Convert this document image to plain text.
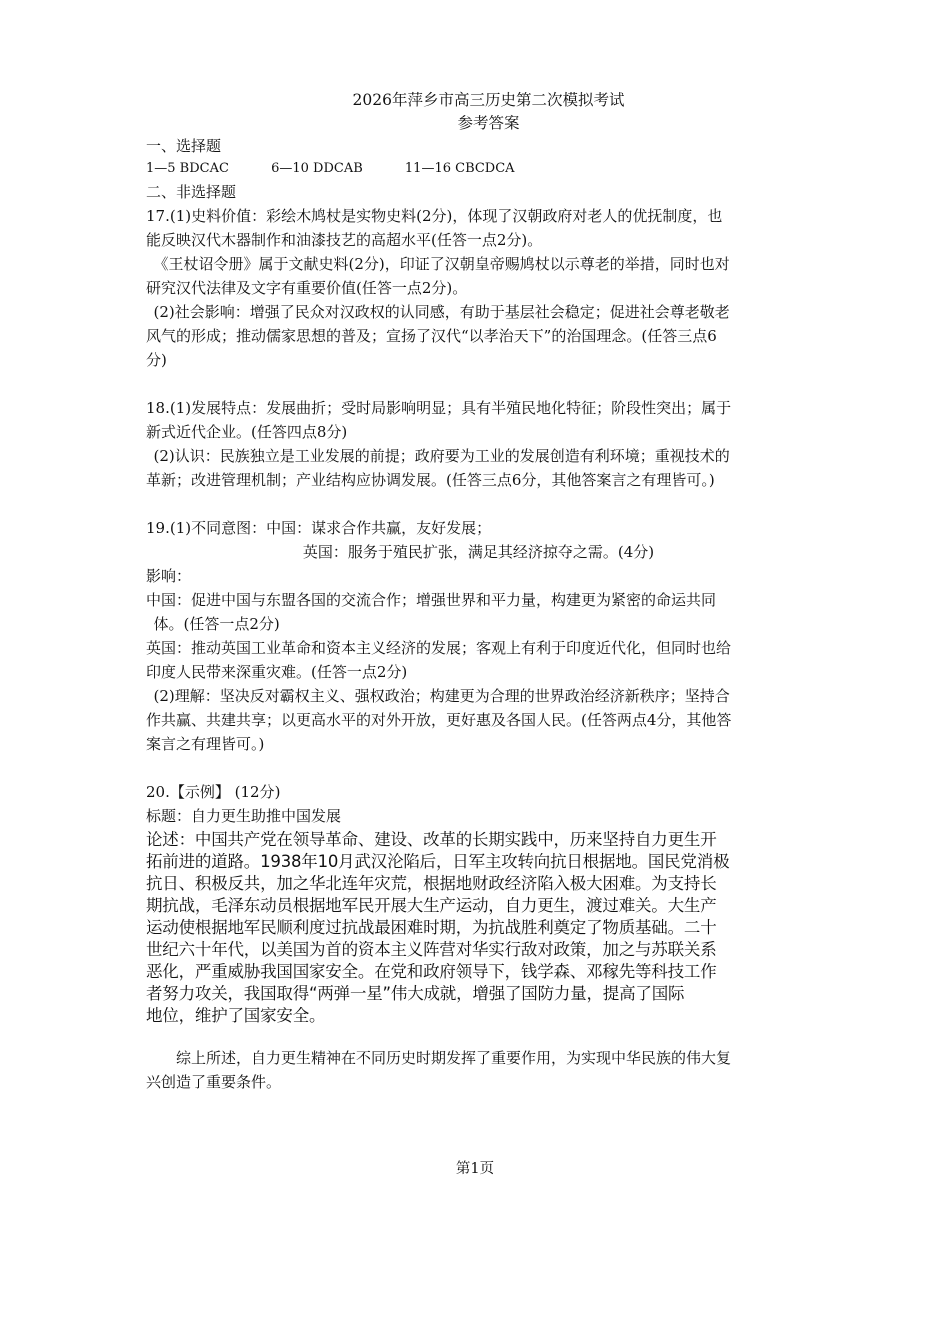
2026年萍乡市高三历史第二次模拟考试
参考答案

一、选择题

1—5 BDCAC	6—10 DDCAB	11—16 CBCDCA

二、非选择题

17.(1)史料价值：彩绘木鸠杖是实物史料(2分)，体现了汉朝政府对老人的优抚制度，也

能反映汉代木器制作和油漆技艺的高超水平(任答一点2分)。

《王杖诏令册》属于文献史料(2分)，印证了汉朝皇帝赐鸠杖以示尊老的举措，同时也对

研究汉代法律及文字有重要价值(任答一点2分)。

(2)社会影响：增强了民众对汉政权的认同感，有助于基层社会稳定；促进社会尊老敬老

风气的形成；推动儒家思想的普及；宣扬了汉代“以孝治天下”的治国理念。(任答三点6

分)

18.(1)发展特点：发展曲折；受时局影响明显；具有半殖民地化特征；阶段性突出；属于

新式近代企业。(任答四点8分)

(2)认识：民族独立是工业发展的前提；政府要为工业的发展创造有利环境；重视技术的

革新；改进管理机制；产业结构应协调发展。(任答三点6分，其他答案言之有理皆可。)

19.(1)不同意图：中国：谋求合作共赢，友好发展；

英国：服务于殖民扩张，满足其经济掠夺之需。(4分)

影响：

中国：促进中国与东盟各国的交流合作；增强世界和平力量，构建更为紧密的命运共同

体。(任答一点2分)

英国：推动英国工业革命和资本主义经济的发展；客观上有利于印度近代化，但同时也给

印度人民带来深重灾难。(任答一点2分)

(2)理解：坚决反对霸权主义、强权政治；构建更为合理的世界政治经济新秩序；坚持合

作共赢、共建共享；以更高水平的对外开放，更好惠及各国人民。(任答两点4分，其他答

案言之有理皆可。)

20.【示例】 (12分)

标题：自力更生助推中国发展

论述：中国共产党在领导革命、建设、改革的长期实践中，历来坚持自力更生开

拓前进的道路。1938年10月武汉沦陷后，日军主攻转向抗日根据地。国民党消极

抗日、积极反共，加之华北连年灾荒，根据地财政经济陷入极大困难。为支持长

期抗战，毛泽东动员根据地军民开展大生产运动，自力更生，渡过难关。大生产

运动使根据地军民顺利度过抗战最困难时期，为抗战胜利奠定了物质基础。二十

世纪六十年代，以美国为首的资本主义阵营对华实行敌对政策，加之与苏联关系

恶化，严重威胁我国国家安全。在党和政府领导下，钱学森、邓稼先等科技工作

者努力攻关，我国取得“两弹一星”伟大成就，增强了国防力量，提高了国际

地位，维护了国家安全。

综上所述，自力更生精神在不同历史时期发挥了重要作用，为实现中华民族的伟大复

兴创造了重要条件。

第1页
